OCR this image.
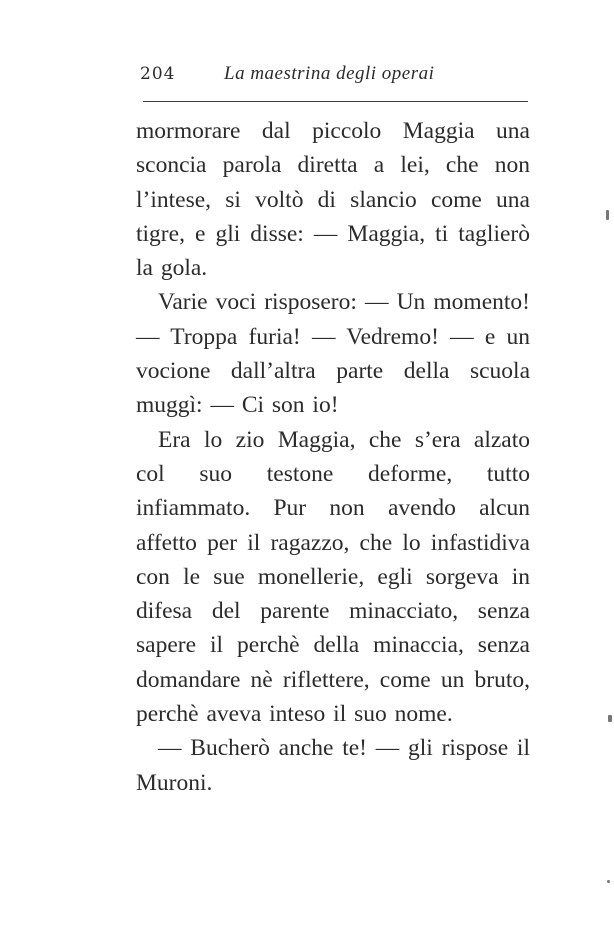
204	La maestrina degli operai

mormorare dal piccolo Maggia una sconcia parola diretta a lei, che non l’intese, si voltò di slancio come una tigre, e gli disse: — Maggia, ti taglierò la gola.

Varie voci risposero: — Un momento! — Troppa furia! — Vedremo! — e un vocione dall’altra parte della scuola muggì: — Ci son io!

Era lo zio Maggia, che s’era alzato col suo testone deforme, tutto infiammato. Pur non avendo alcun affetto per il ragazzo, che lo infastidiva con le sue monellerie, egli sorgeva in difesa del parente minacciato, senza sapere il perchè della minaccia, senza domandare nè riflettere, come un bruto, perchè aveva inteso il suo nome.

— Bucherò anche te! — gli rispose il Muroni.
